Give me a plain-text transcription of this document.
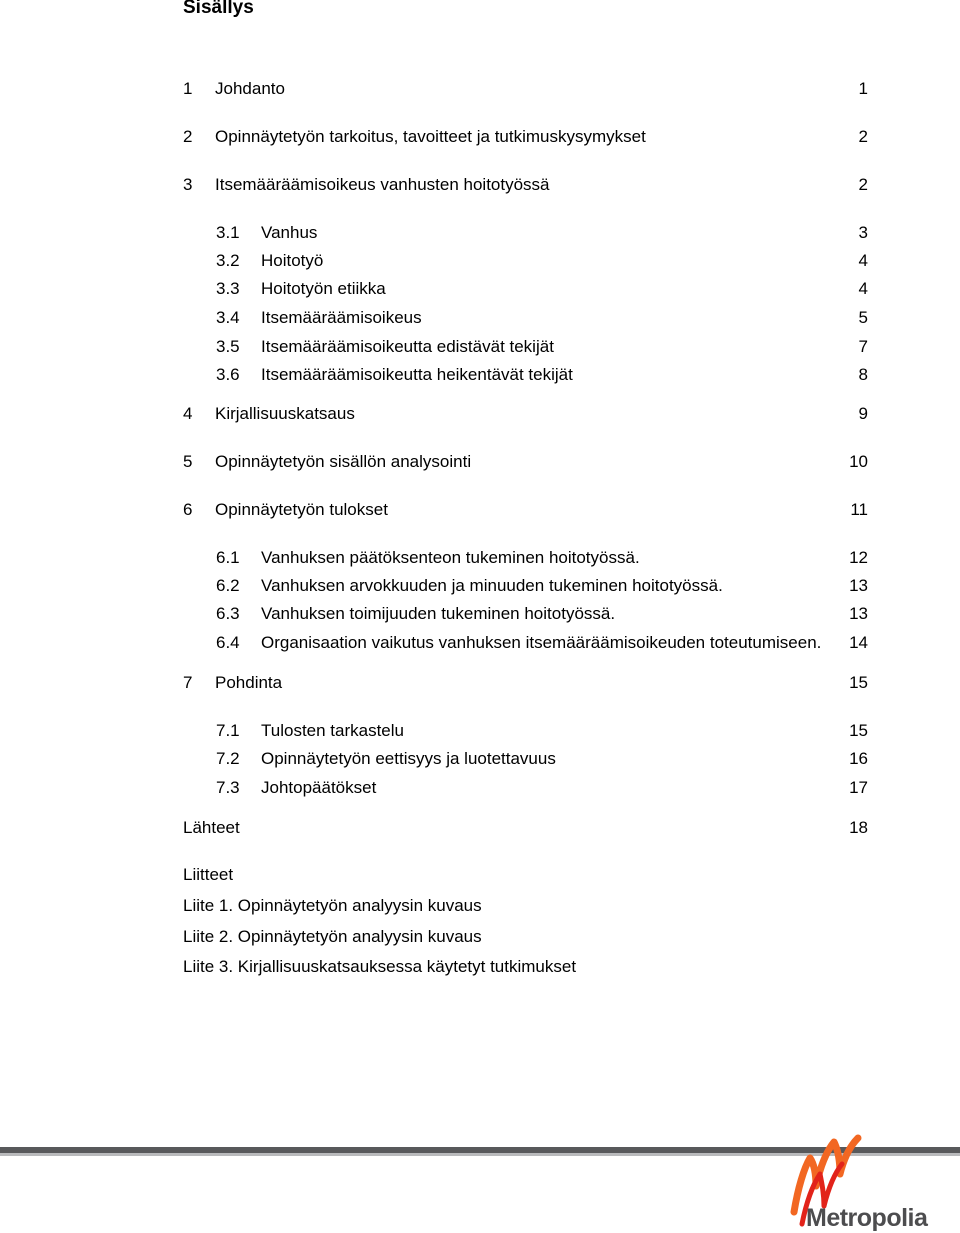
Sisällys
1 Johdanto	1
2 Opinnäytetyön tarkoitus, tavoitteet ja tutkimuskysymykset	2
3 Itsemääräämisoikeus vanhusten hoitotyössä	2
3.1 Vanhus	3
3.2 Hoitotyö	4
3.3 Hoitotyön etiikka	4
3.4 Itsemääräämisoikeus	5
3.5 Itsemääräämisoikeutta edistävät tekijät	7
3.6 Itsemääräämisoikeutta heikentävät tekijät	8
4 Kirjallisuuskatsaus	9
5 Opinnäytetyön sisällön analysointi	10
6 Opinnäytetyön tulokset	11
6.1 Vanhuksen päätöksenteon tukeminen hoitotyössä.	12
6.2 Vanhuksen arvokkuuden ja minuuden tukeminen hoitotyössä.	13
6.3 Vanhuksen toimijuuden tukeminen hoitotyössä.	13
6.4 Organisaation vaikutus vanhuksen itsemääräämisoikeuden toteutumiseen. 14
7 Pohdinta	15
7.1 Tulosten tarkastelu	15
7.2 Opinnäytetyön eettisyys ja luotettavuus	16
7.3 Johtopäätökset	17
Lähteet	18
Liitteet
Liite 1. Opinnäytetyön analyysin kuvaus
Liite 2. Opinnäytetyön analyysin kuvaus
Liite 3. Kirjallisuuskatsauksessa käytetyt tutkimukset
Metropolia
